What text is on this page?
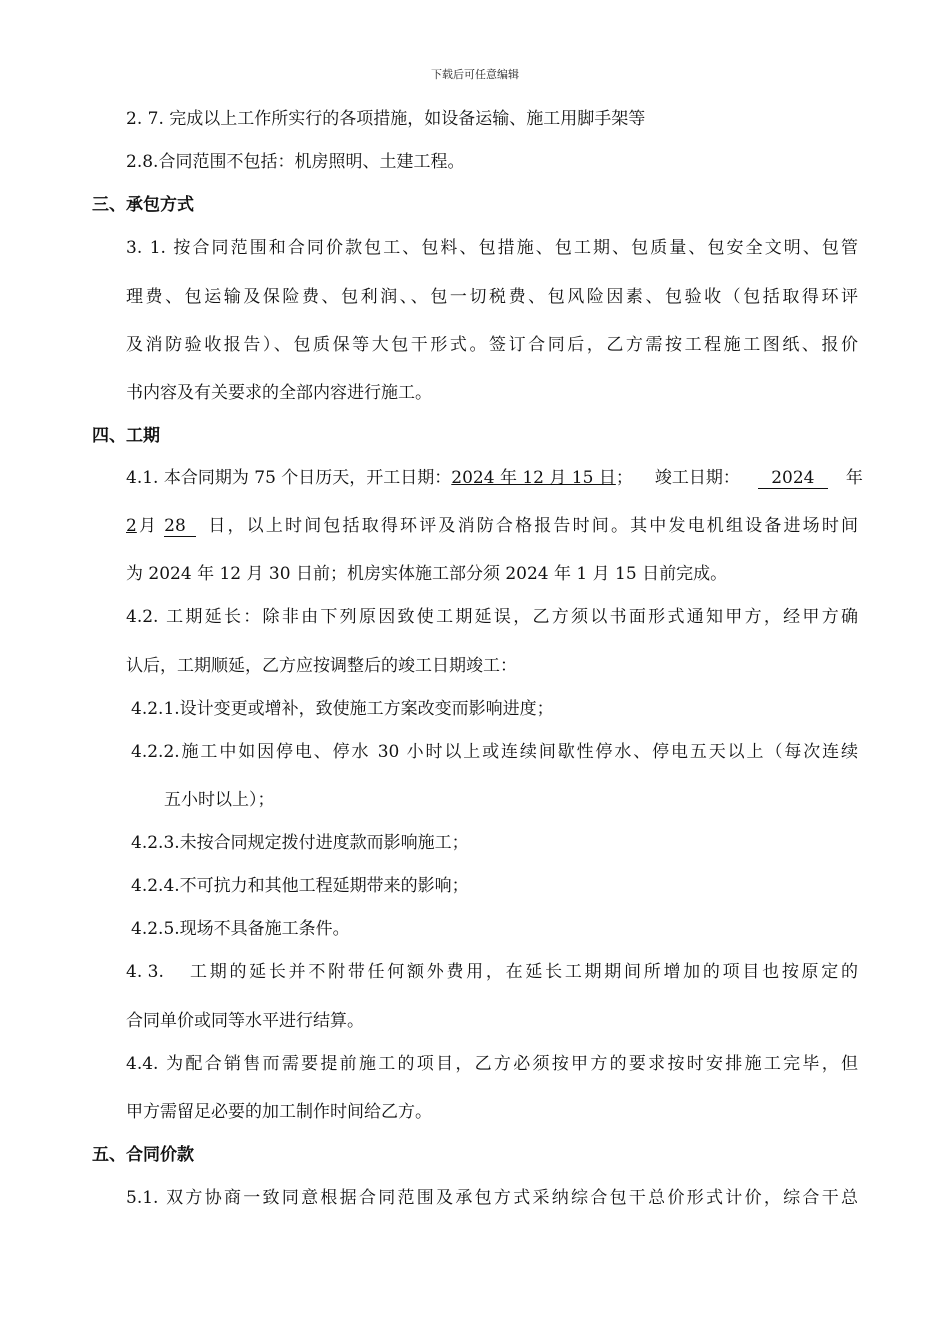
下载后可任意编辑
2. 7. 完成以上工作所实行的各项措施，如设备运输、施工用脚手架等
2.8.合同范围不包括：机房照明、土建工程。
三、承包方式
3. 1. 按合同范围和合同价款包工、包料、包措施、包工期、包质量、包安全文明、包管
理费、包运输及保险费、包利润、、包一切税费、包风险因素、包验收（包括取得环评
及消防验收报告）、包质保等大包干形式。签订合同后，乙方需按工程施工图纸、报价
书内容及有关要求的全部内容进行施工。
四、工期
4.1. 本合同期为 75 个日历天，开工日期：2024 年 12 月 15 日； 竣工日期： 2024 年
2月 28 日，以上时间包括取得环评及消防合格报告时间。其中发电机组设备进场时间
为 2024 年 12 月 30 日前；机房实体施工部分须 2024 年 1 月 15 日前完成。
4.2. 工期延长：除非由下列原因致使工期延误，乙方须以书面形式通知甲方，经甲方确
认后，工期顺延，乙方应按调整后的竣工日期竣工：
4.2.1.设计变更或增补，致使施工方案改变而影响进度；
4.2.2.施工中如因停电、停水 30 小时以上或连续间歇性停水、停电五天以上（每次连续
五小时以上）；
4.2.3.未按合同规定拨付进度款而影响施工；
4.2.4.不可抗力和其他工程延期带来的影响；
4.2.5.现场不具备施工条件。
4. 3. 工期的延长并不附带任何额外费用，在延长工期期间所增加的项目也按原定的
合同单价或同等水平进行结算。
4.4. 为配合销售而需要提前施工的项目，乙方必须按甲方的要求按时安排施工完毕，但
甲方需留足必要的加工制作时间给乙方。
五、合同价款
5.1. 双方协商一致同意根据合同范围及承包方式采纳综合包干总价形式计价，综合干总
